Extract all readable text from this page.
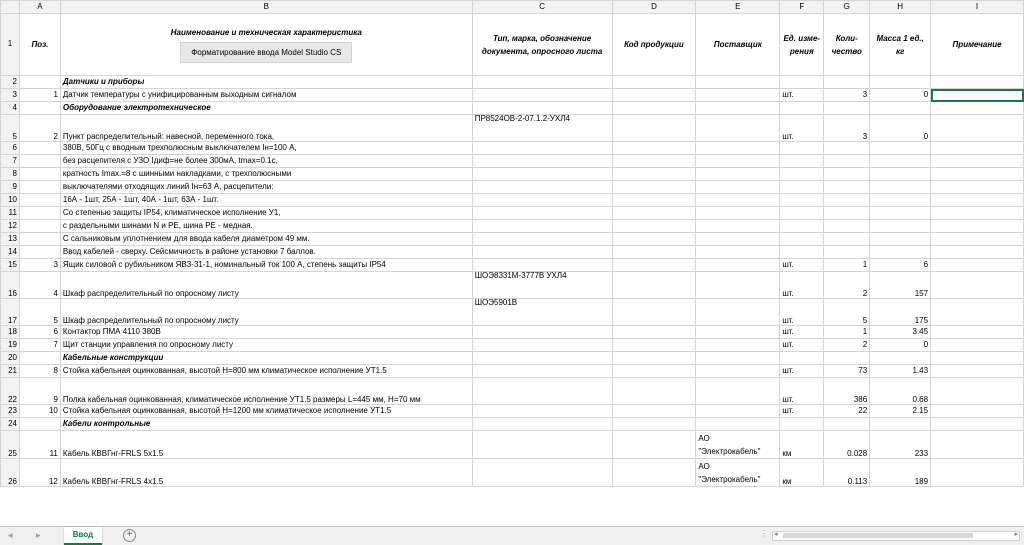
	A	B	C	D	E	F	G	H	I
1	Поз.	Наименование и техническая характеристика
Форматирование ввода Model Studio CS	Тип, марка, обозначение документа, опросного листа	Код продукции	Поставщик	Ед. изме-рения	Коли-чество	Масса 1 ед., кг	Примечание
2		Датчики и приборы							
3	1	Датчик температуры с унифицированным выходным сигналом				шт.	3	0	
4		Оборудование электротехническое							
5	2	Пункт распределительный: навесной, переменного тока,	ПР8524ОВ-2-07.1.2-УХЛ4			шт.	3	0	
6		380В, 50Гц с вводным трехполюсным выключателем Iн=100 А,							
7		без расцепителя с УЗО Iдиф=не более 300мА, tmax=0.1с,							
8		кратность Imax.=8 с шинными накладками, с трехполюсными							
9		выключателями отходящих линий Iн=63 А, расцепители:							
10		16А - 1шт, 25А - 1шт, 40А - 1шт, 63А - 1шт.							
11		Со степенью защиты IP54, климатическое исполнение У1,							
12		с раздельными шинами N и PE, шина PE - медная.							
13		С сальниковым уплотнением для ввода кабеля диаметром 49 мм.							
14		Ввод кабелей - сверху. Сейсмичность в районе установки 7 баллов.							
15	3	Ящик силовой с рубильником ЯВЗ-31-1, номинальный ток 100 А, степень защиты IP54				шт.	1	6	
16	4	Шкаф распределительный по опросному листу	ШОЭ8331М-3777В УХЛ4			шт.	2	157	
17	5	Шкаф распределительный по опросному листу	ШОЭ5901В			шт.	5	175	
18	6	Контактор ПМА 4110 380В				шт.	1	3.45	
19	7	Щит станции управления по опросному листу				шт.	2	0	
20		Кабельные конструкции							
21	8	Стойка кабельная оцинкованная, высотой H=800 мм климатическое исполнение УТ1.5				шт.	73	1.43	
22	9	Полка кабельная оцинкованная, климатическое исполнение УТ1.5 размеры L=445 мм, H=70 мм				шт.	386	0.68	
23	10	Стойка кабельная оцинкованная, высотой H=1200 мм климатическое исполнение УТ1.5				шт.	22	2.15	
24		Кабели контрольные							
25	11	Кабель КВВГнг-FRLS 5х1.5			АО
"Электрокабель"	км	0.028	233	
26	12	Кабель КВВГнг-FRLS 4х1.5			АО
"Электрокабель"	км	0.113	189	
◂	▸	Ввод	+	⋮ ◂	▸
